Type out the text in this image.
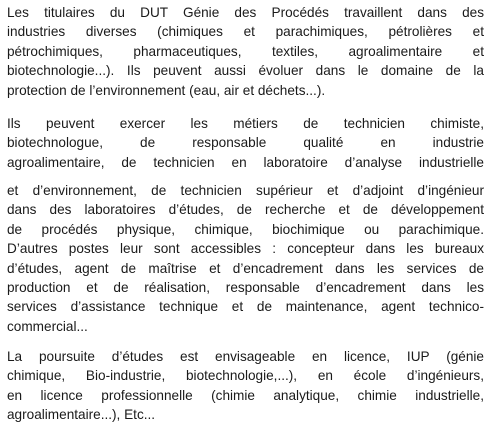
Les titulaires du DUT Génie des Procédés travaillent dans des
industries diverses (chimiques et parachimiques, pétrolières et
pétrochimiques, pharmaceutiques, textiles, agroalimentaire et
biotechnologie...). Ils peuvent aussi évoluer dans le domaine de la
protection de l’environnement (eau, air et déchets...).
Ils peuvent exercer les métiers de technicien chimiste,
biotechnologue, de responsable qualité en industrie
agroalimentaire, de technicien en laboratoire d’analyse industrielle
et d’environnement, de technicien supérieur et d’adjoint d’ingénieur
dans des laboratoires d’études, de recherche et de développement
de procédés physique, chimique, biochimique ou parachimique.
D’autres postes leur sont accessibles : concepteur dans les bureaux
d’études, agent de maîtrise et d’encadrement dans les services de
production et de réalisation, responsable d’encadrement dans les
services d’assistance technique et de maintenance, agent technico-
commercial...
La poursuite d’études est envisageable en licence, IUP (génie
chimique, Bio-industrie, biotechnologie,...), en école d’ingénieurs,
en licence professionnelle (chimie analytique, chimie industrielle,
agroalimentaire...), Etc...
